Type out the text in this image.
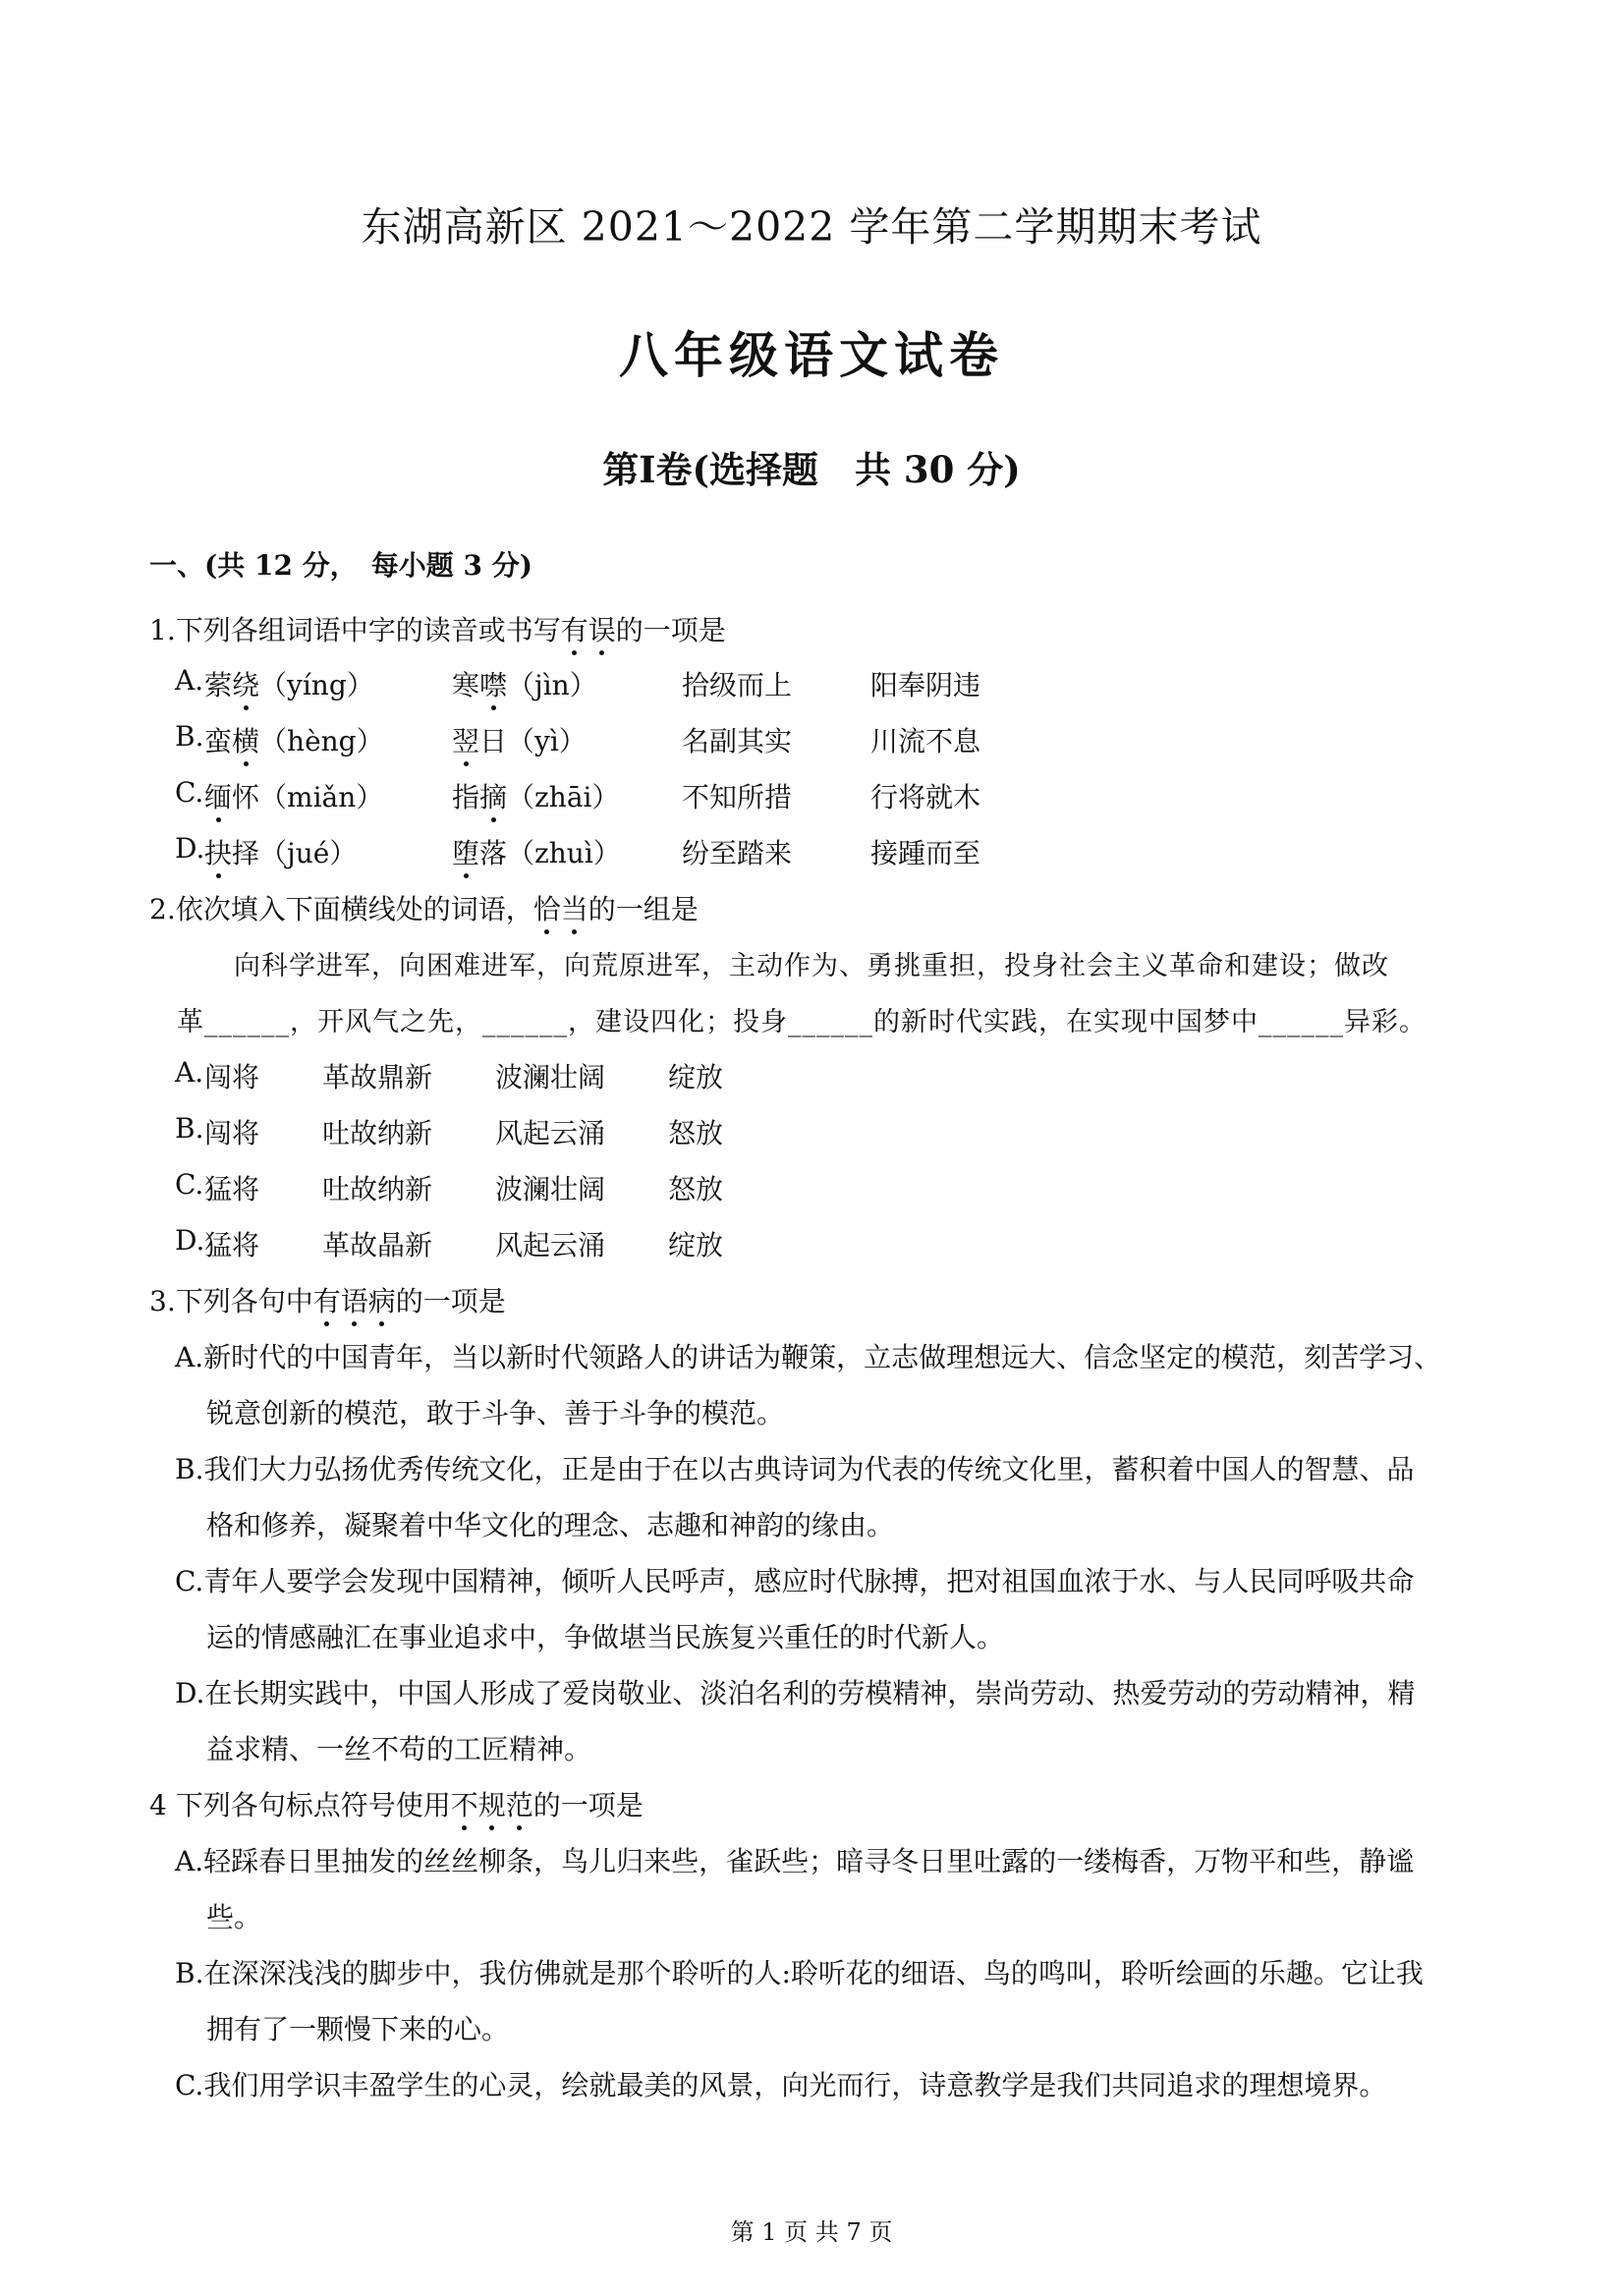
东湖高新区 2021～2022 学年第二学期期末考试
八年级语文试卷
第Ⅰ卷(选择题　共 30 分)
一、(共 12 分，　每小题 3 分)
1.下列各组词语中字的读音或书写有误的一项是
A. 萦绕（yíng）	寒噤（jìn）	拾级而上	阳奉阴违
B. 蛮横（hèng） 翌日（yì）	名副其实	川流不息
C. 缅怀（miǎn） 指摘（zhāi） 不知所措	行将就木
D. 抉择（jué）	堕落（zhuì） 纷至踏来	接踵而至
2.依次填入下面横线处的词语，恰当的一组是
向科学进军，向困难进军，向荒原进军，主动作为、勇挑重担，投身社会主义革命和建设；做改
革______，开风气之先，______，建设四化；投身______的新时代实践，在实现中国梦中______异彩。
A. 闯将 革故鼎新 波澜壮阔 绽放
B. 闯将 吐故纳新 风起云涌 怒放
C. 猛将 吐故纳新 波澜壮阔 怒放
D. 猛将 革故晶新 风起云涌 绽放
3.下列各句中有语病的一项是
A.新时代的中国青年，当以新时代领路人的讲话为鞭策，立志做理想远大、信念坚定的模范，刻苦学习、
锐意创新的模范，敢于斗争、善于斗争的模范。
B.我们大力弘扬优秀传统文化，正是由于在以古典诗词为代表的传统文化里，蓄积着中国人的智慧、品
格和修养，凝聚着中华文化的理念、志趣和神韵的缘由。
C.青年人要学会发现中国精神，倾听人民呼声，感应时代脉搏，把对祖国血浓于水、与人民同呼吸共命
运的情感融汇在事业追求中，争做堪当民族复兴重任的时代新人。
D.在长期实践中，中国人形成了爱岗敬业、淡泊名利的劳模精神，崇尚劳动、热爱劳动的劳动精神，精
益求精、一丝不苟的工匠精神。
4 下列各句标点符号使用不规范的一项是
A.轻踩春日里抽发的丝丝柳条，鸟儿归来些，雀跃些；暗寻冬日里吐露的一缕梅香，万物平和些，静谧
些。
B.在深深浅浅的脚步中，我仿佛就是那个聆听的人:聆听花的细语、鸟的鸣叫，聆听绘画的乐趣。它让我
拥有了一颗慢下来的心。
C.我们用学识丰盈学生的心灵，绘就最美的风景，向光而行，诗意教学是我们共同追求的理想境界。
第 1 页 共 7 页
